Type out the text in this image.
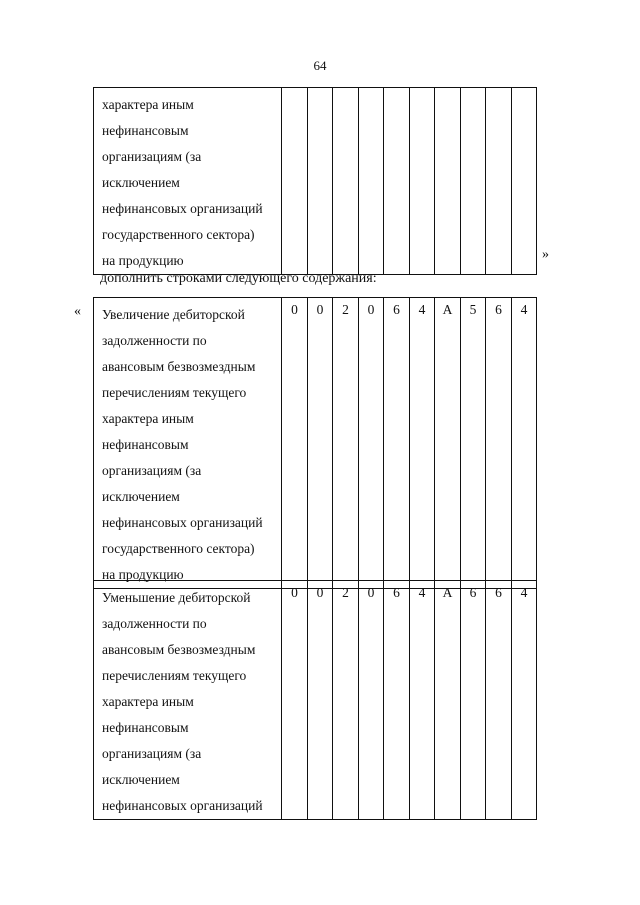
64
характера иным
нефинансовым
организациям (за
исключением
нефинансовых организаций
государственного сектора)
на продукцию
											»
дополнить строками следующего содержания:
« Увеличение дебиторской
задолженности по
авансовым безвозмездным
перечислениям текущего
характера иным
нефинансовым
организациям (за
исключением
нефинансовых организаций
государственного сектора)
на продукцию
	0	0	2	0	6	4	А	5	6	4
Уменьшение дебиторской
задолженности по
авансовым безвозмездным
перечислениям текущего
характера иным
нефинансовым
организациям (за
исключением
нефинансовых организаций
	0	0	2	0	6	4	А	6	6	4
